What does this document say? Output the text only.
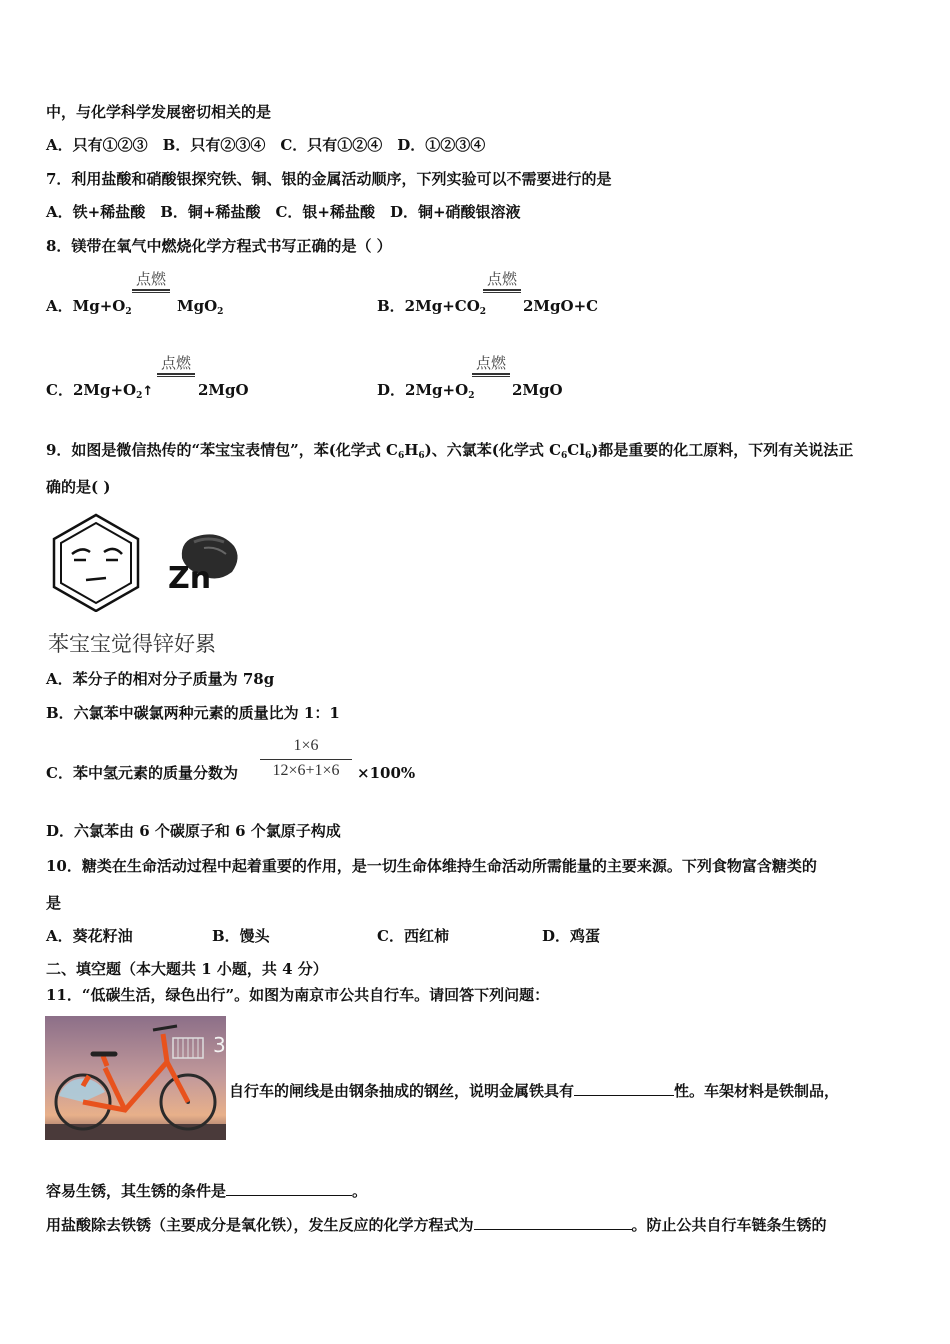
中，与化学科学发展密切相关的是
A．只有①②③　B．只有②③④　C．只有①②④　D．①②③④
7．利用盐酸和硝酸银探究铁、铜、银的金属活动顺序，下列实验可以不需要进行的是
A．铁+稀盐酸　B．铜+稀盐酸　C．银+稀盐酸　D．铜+硝酸银溶液
8．镁带在氧气中燃烧化学方程式书写正确的是（ ）
A．$Mg+O_2$
点燃
MgO$_2$	B．$2Mg+CO_2$
点燃
2MgO+C
C．$2Mg+O_2↑$
点燃
2MgO	D．$2Mg+O_2$
点燃
2MgO
9．如图是微信热传的“苯宝宝表情包”，苯(化学式 $C_6H_6$)、六氯苯(化学式 $C_6Cl_6$)都是重要的化工原料，下列有关说法正
确的是( )
Zn
苯宝宝觉得锌好累
A．苯分子的相对分子质量为 78g
B．六氯苯中碳氯两种元素的质量比为 1：1
C．苯中氢元素的质量分数为
1×6
12×6+1×6	×100%
D．六氯苯由 6 个碳原子和 6 个氯原子构成
10．糖类在生命活动过程中起着重要的作用，是一切生命体维持生命活动所需能量的主要来源。下列食物富含糖类的
是
A．葵花籽油	B．馒头	C．西红柿	D．鸡蛋
二、填空题（本大题共 1 小题，共 4 分）
11．“低碳生活，绿色出行”。如图为南京市公共自行车。请回答下列问题：
3
自行车的闸线是由钢条抽成的钢丝，说明金属铁具有	性。车架材料是铁制品，
容易生锈，其生锈的条件是	。
用盐酸除去铁锈（主要成分是氧化铁），发生反应的化学方程式为	。防止公共自行车链条生锈的
